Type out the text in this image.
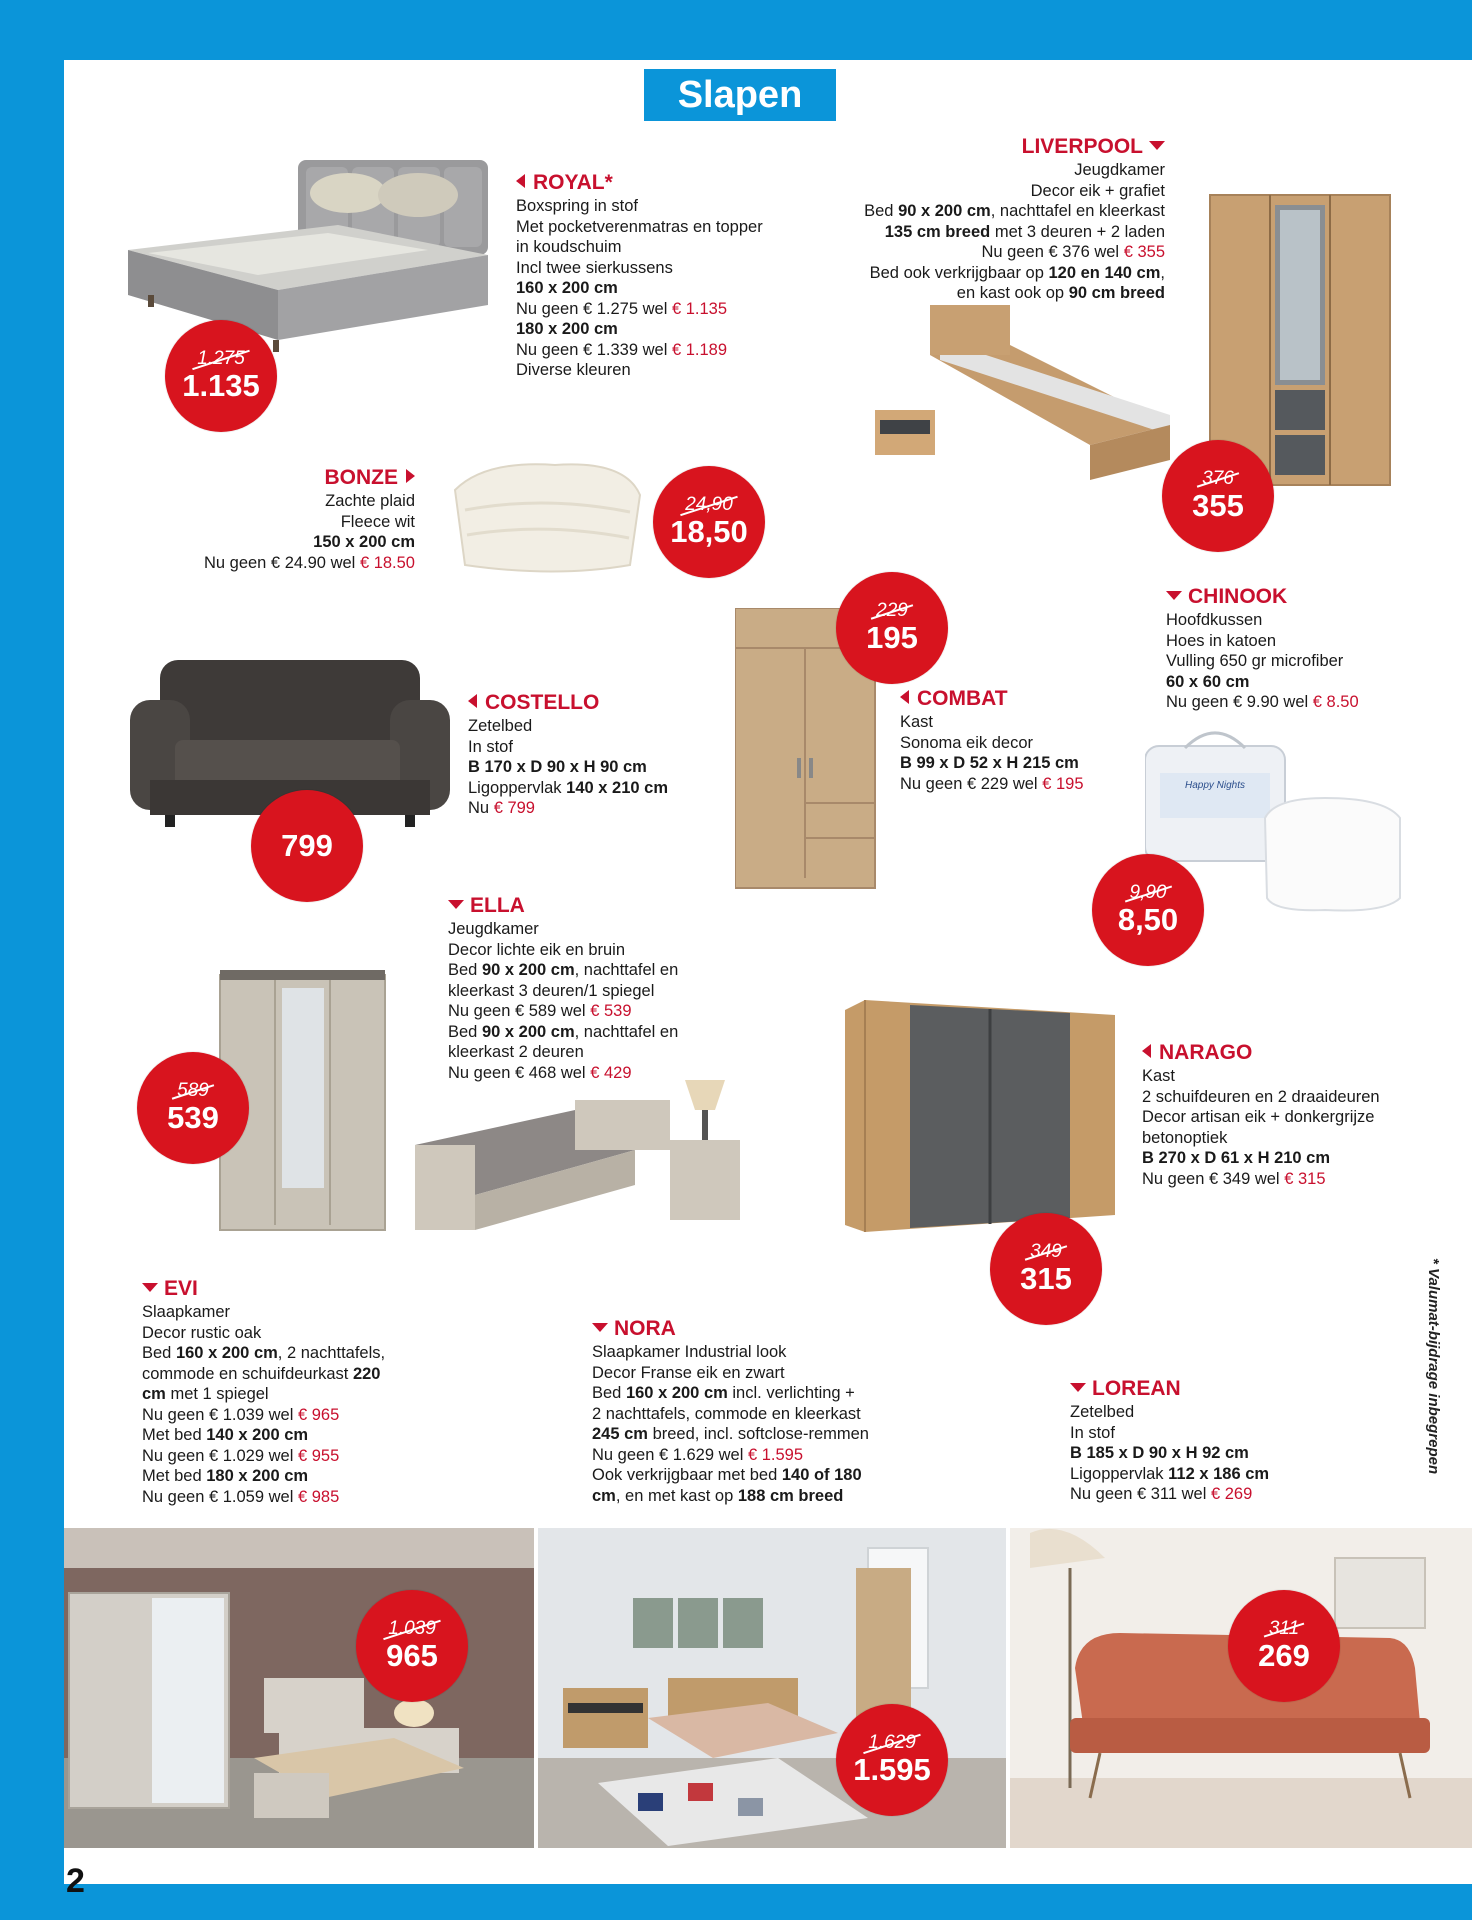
Slapen
1.275
1.135
ROYAL*
Boxspring in stof
Met pocketverenmatras en topper
in koudschuim
Incl twee sierkussens
160 x 200 cm
Nu geen € 1.275 wel € 1.135
180 x 200 cm
Nu geen € 1.339 wel € 1.189
Diverse kleuren
LIVERPOOL
Jeugdkamer
Decor eik + grafiet
Bed 90 x 200 cm, nachttafel en kleerkast
135 cm breed met 3 deuren + 2 laden
Nu geen € 376 wel € 355
Bed ook verkrijgbaar op 120 en 140 cm,
en kast ook op 90 cm breed
376
355
BONZE
Zachte plaid
Fleece wit
150 x 200 cm
Nu geen € 24.90 wel € 18.50
24,90
18,50
799
COSTELLO
Zetelbed
In stof
B 170 x D 90 x H 90 cm
Ligoppervlak 140 x 210 cm
Nu € 799
229
195
COMBAT
Kast
Sonoma eik decor
B 99 x D 52 x H 215 cm
Nu geen € 229 wel € 195
CHINOOK
Hoofdkussen
Hoes in katoen
Vulling 650 gr microfiber
60 x 60 cm
Nu geen € 9.90 wel € 8.50
Happy Nights
9,90
8,50
ELLA
Jeugdkamer
Decor lichte eik en bruin
Bed 90 x 200 cm, nachttafel en
kleerkast 3 deuren/1 spiegel
Nu geen € 589 wel € 539
Bed 90 x 200 cm, nachttafel en
kleerkast 2 deuren
Nu geen € 468 wel € 429
589
539
NARAGO
Kast
2 schuifdeuren en 2 draaideuren
Decor artisan eik + donkergrijze
betonoptiek
B 270 x D 61 x H 210 cm
Nu geen € 349 wel € 315
349
315
EVI
Slaapkamer
Decor rustic oak
Bed 160 x 200 cm, 2 nachttafels,
commode en schuifdeurkast 220
cm met 1 spiegel
Nu geen € 1.039 wel € 965
Met bed 140 x 200 cm
Nu geen € 1.029 wel € 955
Met bed 180 x 200 cm
Nu geen € 1.059 wel € 985
NORA
Slaapkamer Industrial look
Decor Franse eik en zwart
Bed 160 x 200 cm incl. verlichting +
2 nachttafels, commode en kleerkast
245 cm breed, incl. softclose-remmen
Nu geen € 1.629 wel € 1.595
Ook verkrijgbaar met bed 140 of 180
cm, en met kast op 188 cm breed
LOREAN
Zetelbed
In stof
B 185 x D 90 x H 92 cm
Ligoppervlak 112 x 186 cm
Nu geen € 311 wel € 269
* Valumat-bijdrage inbegrepen
1.039
965
1.629
1.595
311
269
2
